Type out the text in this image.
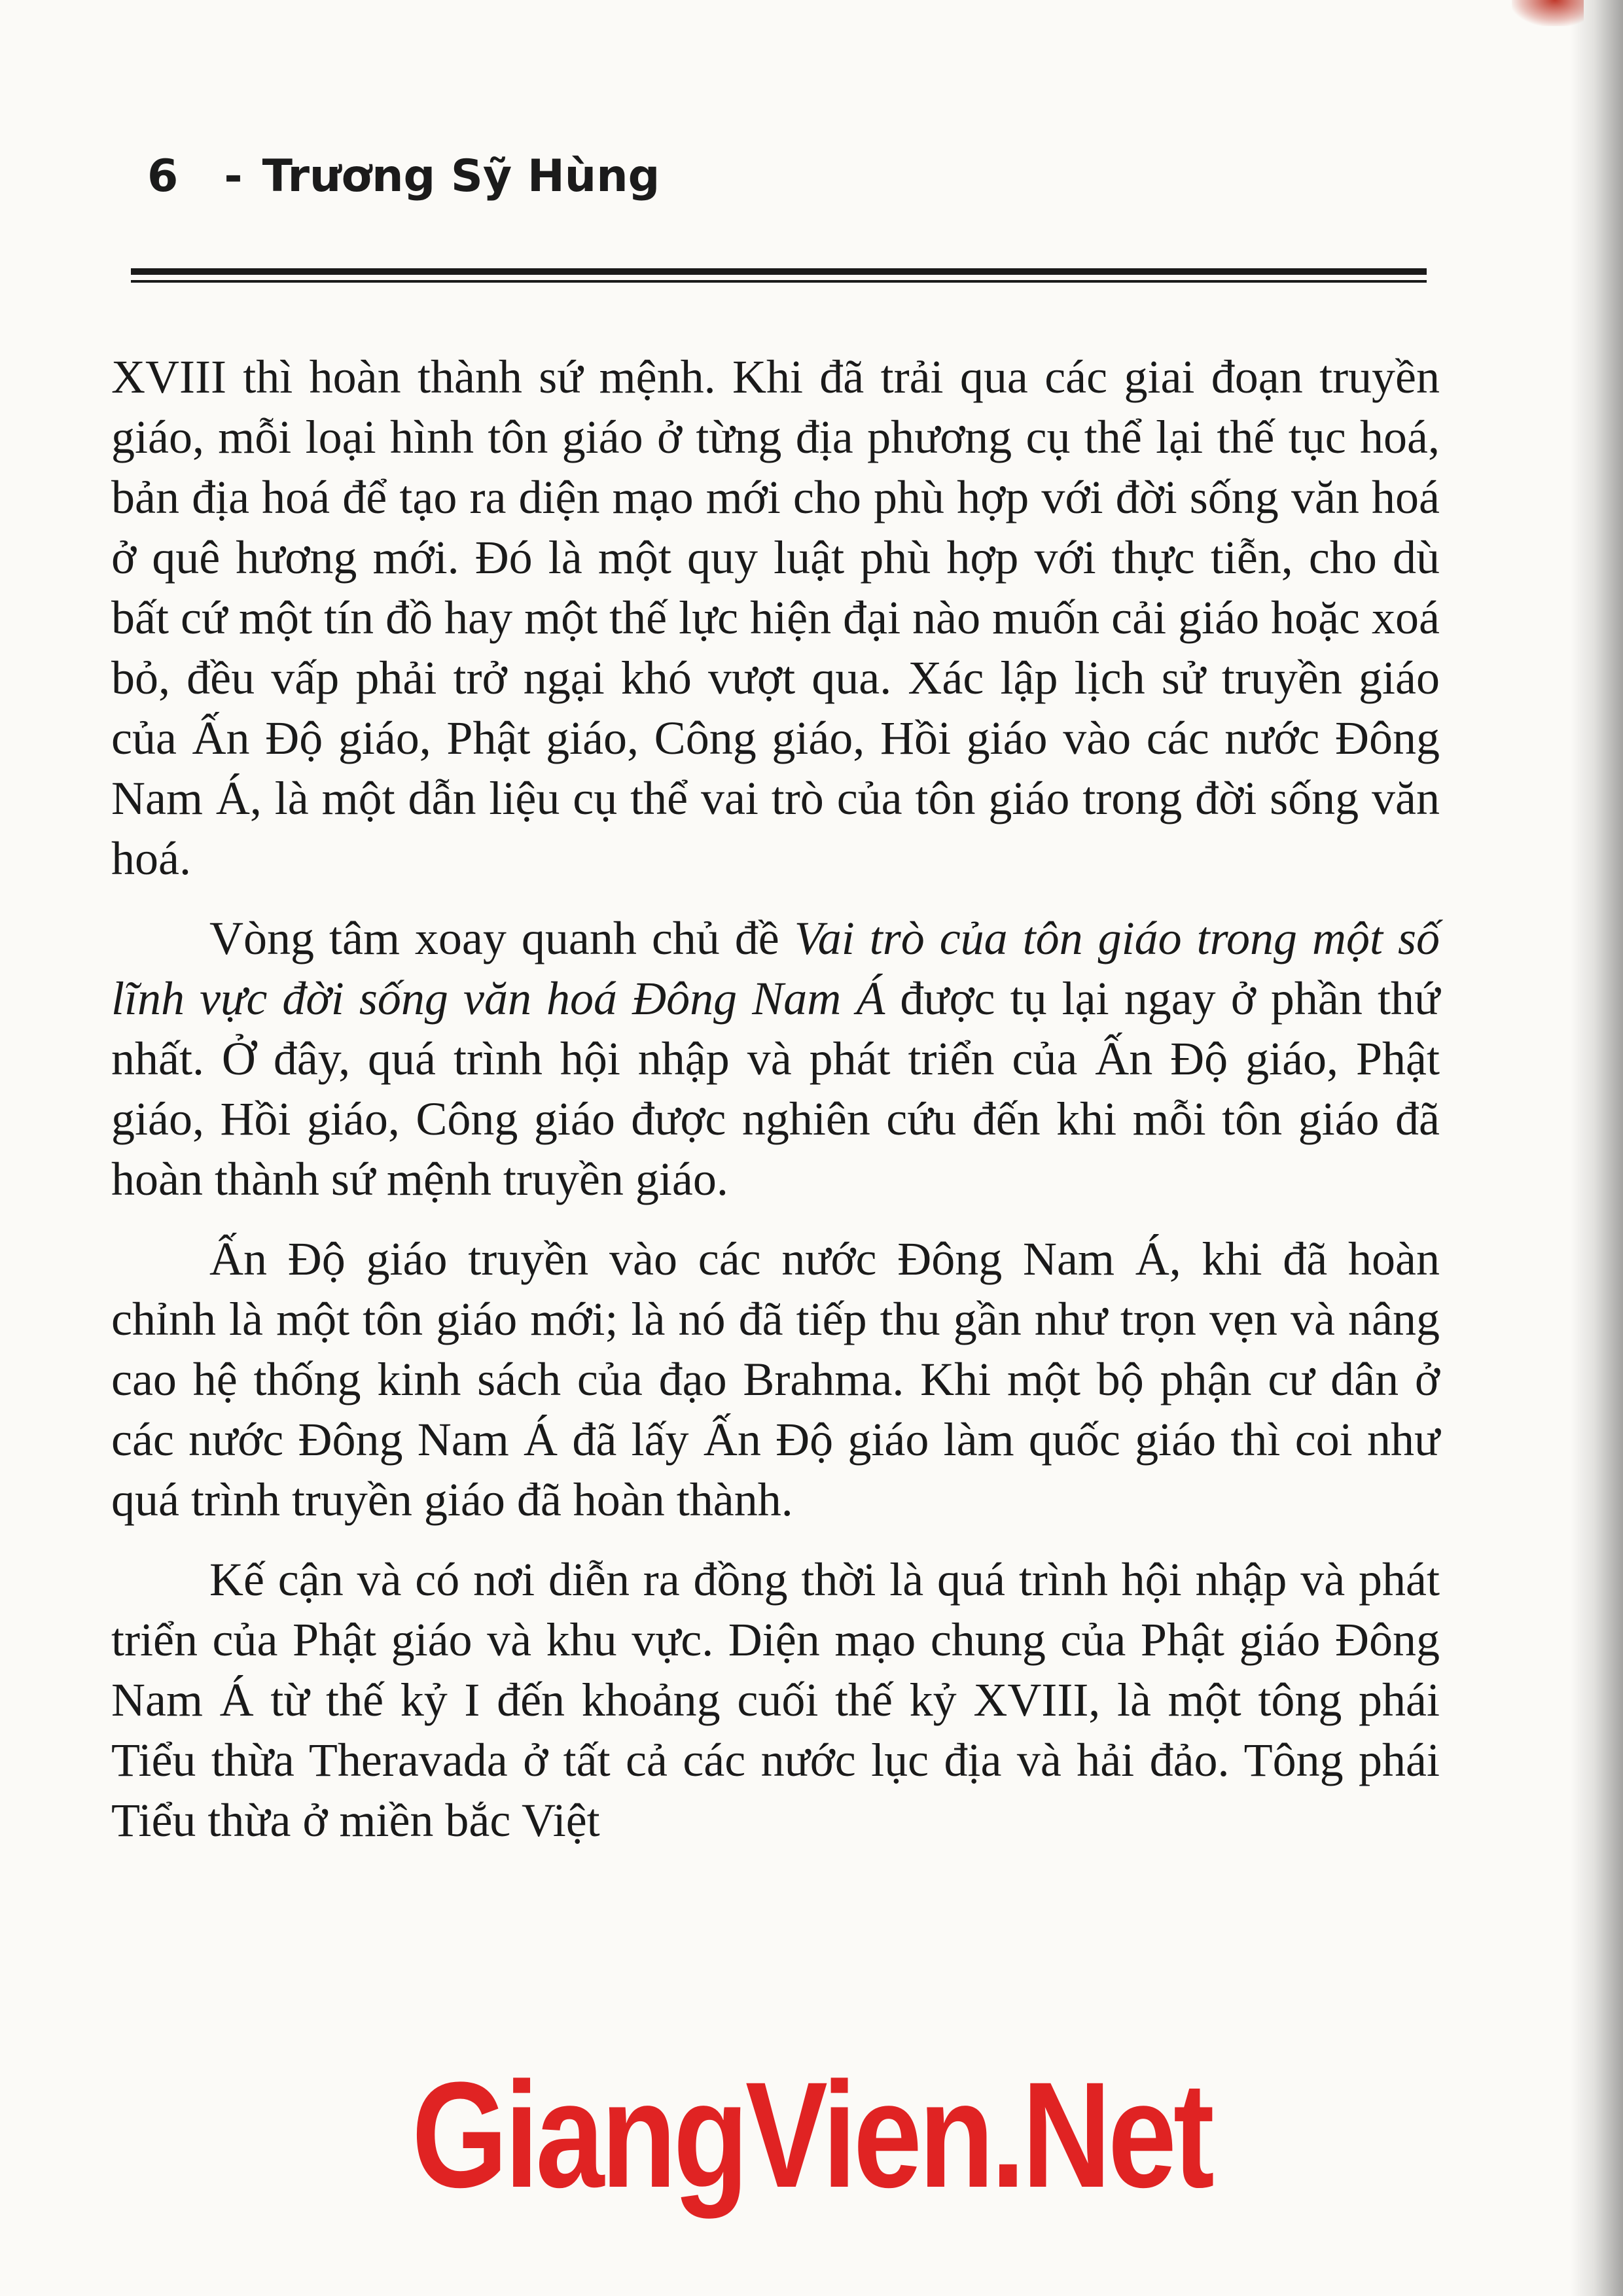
6 - Trương Sỹ Hùng

XVIII thì hoàn thành sứ mệnh. Khi đã trải qua các giai đoạn truyền giáo, mỗi loại hình tôn giáo ở từng địa phương cụ thể lại thế tục hoá, bản địa hoá để tạo ra diện mạo mới cho phù hợp với đời sống văn hoá ở quê hương mới. Đó là một quy luật phù hợp với thực tiễn, cho dù bất cứ một tín đồ hay một thế lực hiện đại nào muốn cải giáo hoặc xoá bỏ, đều vấp phải trở ngại khó vượt qua. Xác lập lịch sử truyền giáo của Ấn Độ giáo, Phật giáo, Công giáo, Hồi giáo vào các nước Đông Nam Á, là một dẫn liệu cụ thể vai trò của tôn giáo trong đời sống văn hoá.

Vòng tâm xoay quanh chủ đề Vai trò của tôn giáo trong một số lĩnh vực đời sống văn hoá Đông Nam Á được tụ lại ngay ở phần thứ nhất. Ở đây, quá trình hội nhập và phát triển của Ấn Độ giáo, Phật giáo, Hồi giáo, Công giáo được nghiên cứu đến khi mỗi tôn giáo đã hoàn thành sứ mệnh truyền giáo.

Ấn Độ giáo truyền vào các nước Đông Nam Á, khi đã hoàn chỉnh là một tôn giáo mới; là nó đã tiếp thu gần như trọn vẹn và nâng cao hệ thống kinh sách của đạo Brahma. Khi một bộ phận cư dân ở các nước Đông Nam Á đã lấy Ấn Độ giáo làm quốc giáo thì coi như quá trình truyền giáo đã hoàn thành.

Kế cận và có nơi diễn ra đồng thời là quá trình hội nhập và phát triển của Phật giáo và khu vực. Diện mạo chung của Phật giáo Đông Nam Á từ thế kỷ I đến khoảng cuối thế kỷ XVIII, là một tông phái Tiểu thừa Theravada ở tất cả các nước lục địa và hải đảo. Tông phái Tiểu thừa ở miền bắc Việt

GiangVien.Net
